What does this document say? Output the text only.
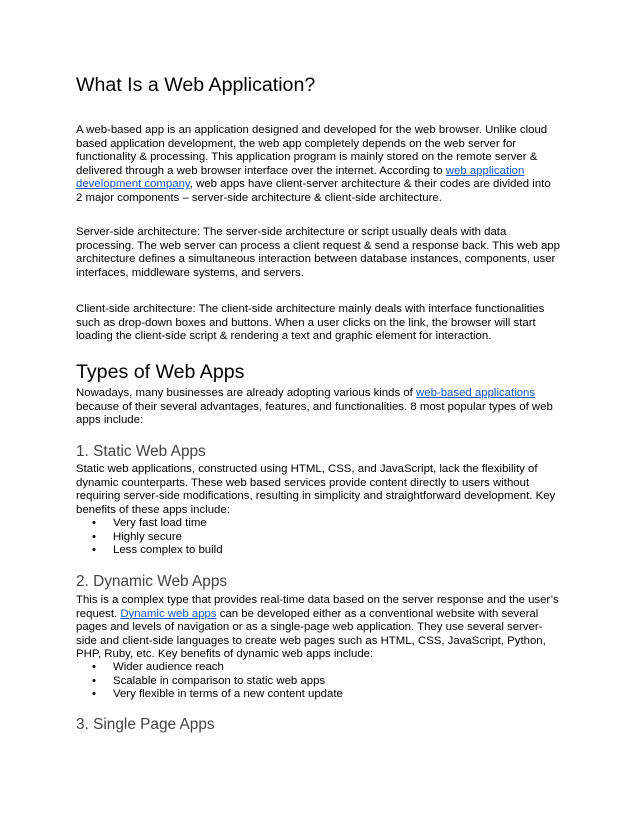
What Is a Web Application?

A web-based app is an application designed and developed for the web browser. Unlike cloud
based application development, the web app completely depends on the web server for
functionality & processing. This application program is mainly stored on the remote server &
delivered through a web browser interface over the internet. According to web application
development company, web apps have client-server architecture & their codes are divided into
2 major components – server-side architecture & client-side architecture.

Server-side architecture: The server-side architecture or script usually deals with data
processing. The web server can process a client request & send a response back. This web app
architecture defines a simultaneous interaction between database instances, components, user
interfaces, middleware systems, and servers.

Client-side architecture: The client-side architecture mainly deals with interface functionalities
such as drop-down boxes and buttons. When a user clicks on the link, the browser will start
loading the client-side script & rendering a text and graphic element for interaction.

Types of Web Apps

Nowadays, many businesses are already adopting various kinds of web-based applications
because of their several advantages, features, and functionalities. 8 most popular types of web
apps include:

1. Static Web Apps

Static web applications, constructed using HTML, CSS, and JavaScript, lack the flexibility of
dynamic counterparts. These web based services provide content directly to users without
requiring server-side modifications, resulting in simplicity and straightforward development. Key
benefits of these apps include:

• Very fast load time
• Highly secure
• Less complex to build
2. Dynamic Web Apps

This is a complex type that provides real-time data based on the server response and the user’s
request. Dynamic web apps can be developed either as a conventional website with several
pages and levels of navigation or as a single-page web application. They use several server-
side and client-side languages to create web pages such as HTML, CSS, JavaScript, Python,
PHP, Ruby, etc. Key benefits of dynamic web apps include:

• Wider audience reach
• Scalable in comparison to static web apps
• Very flexible in terms of a new content update
3. Single Page Apps
